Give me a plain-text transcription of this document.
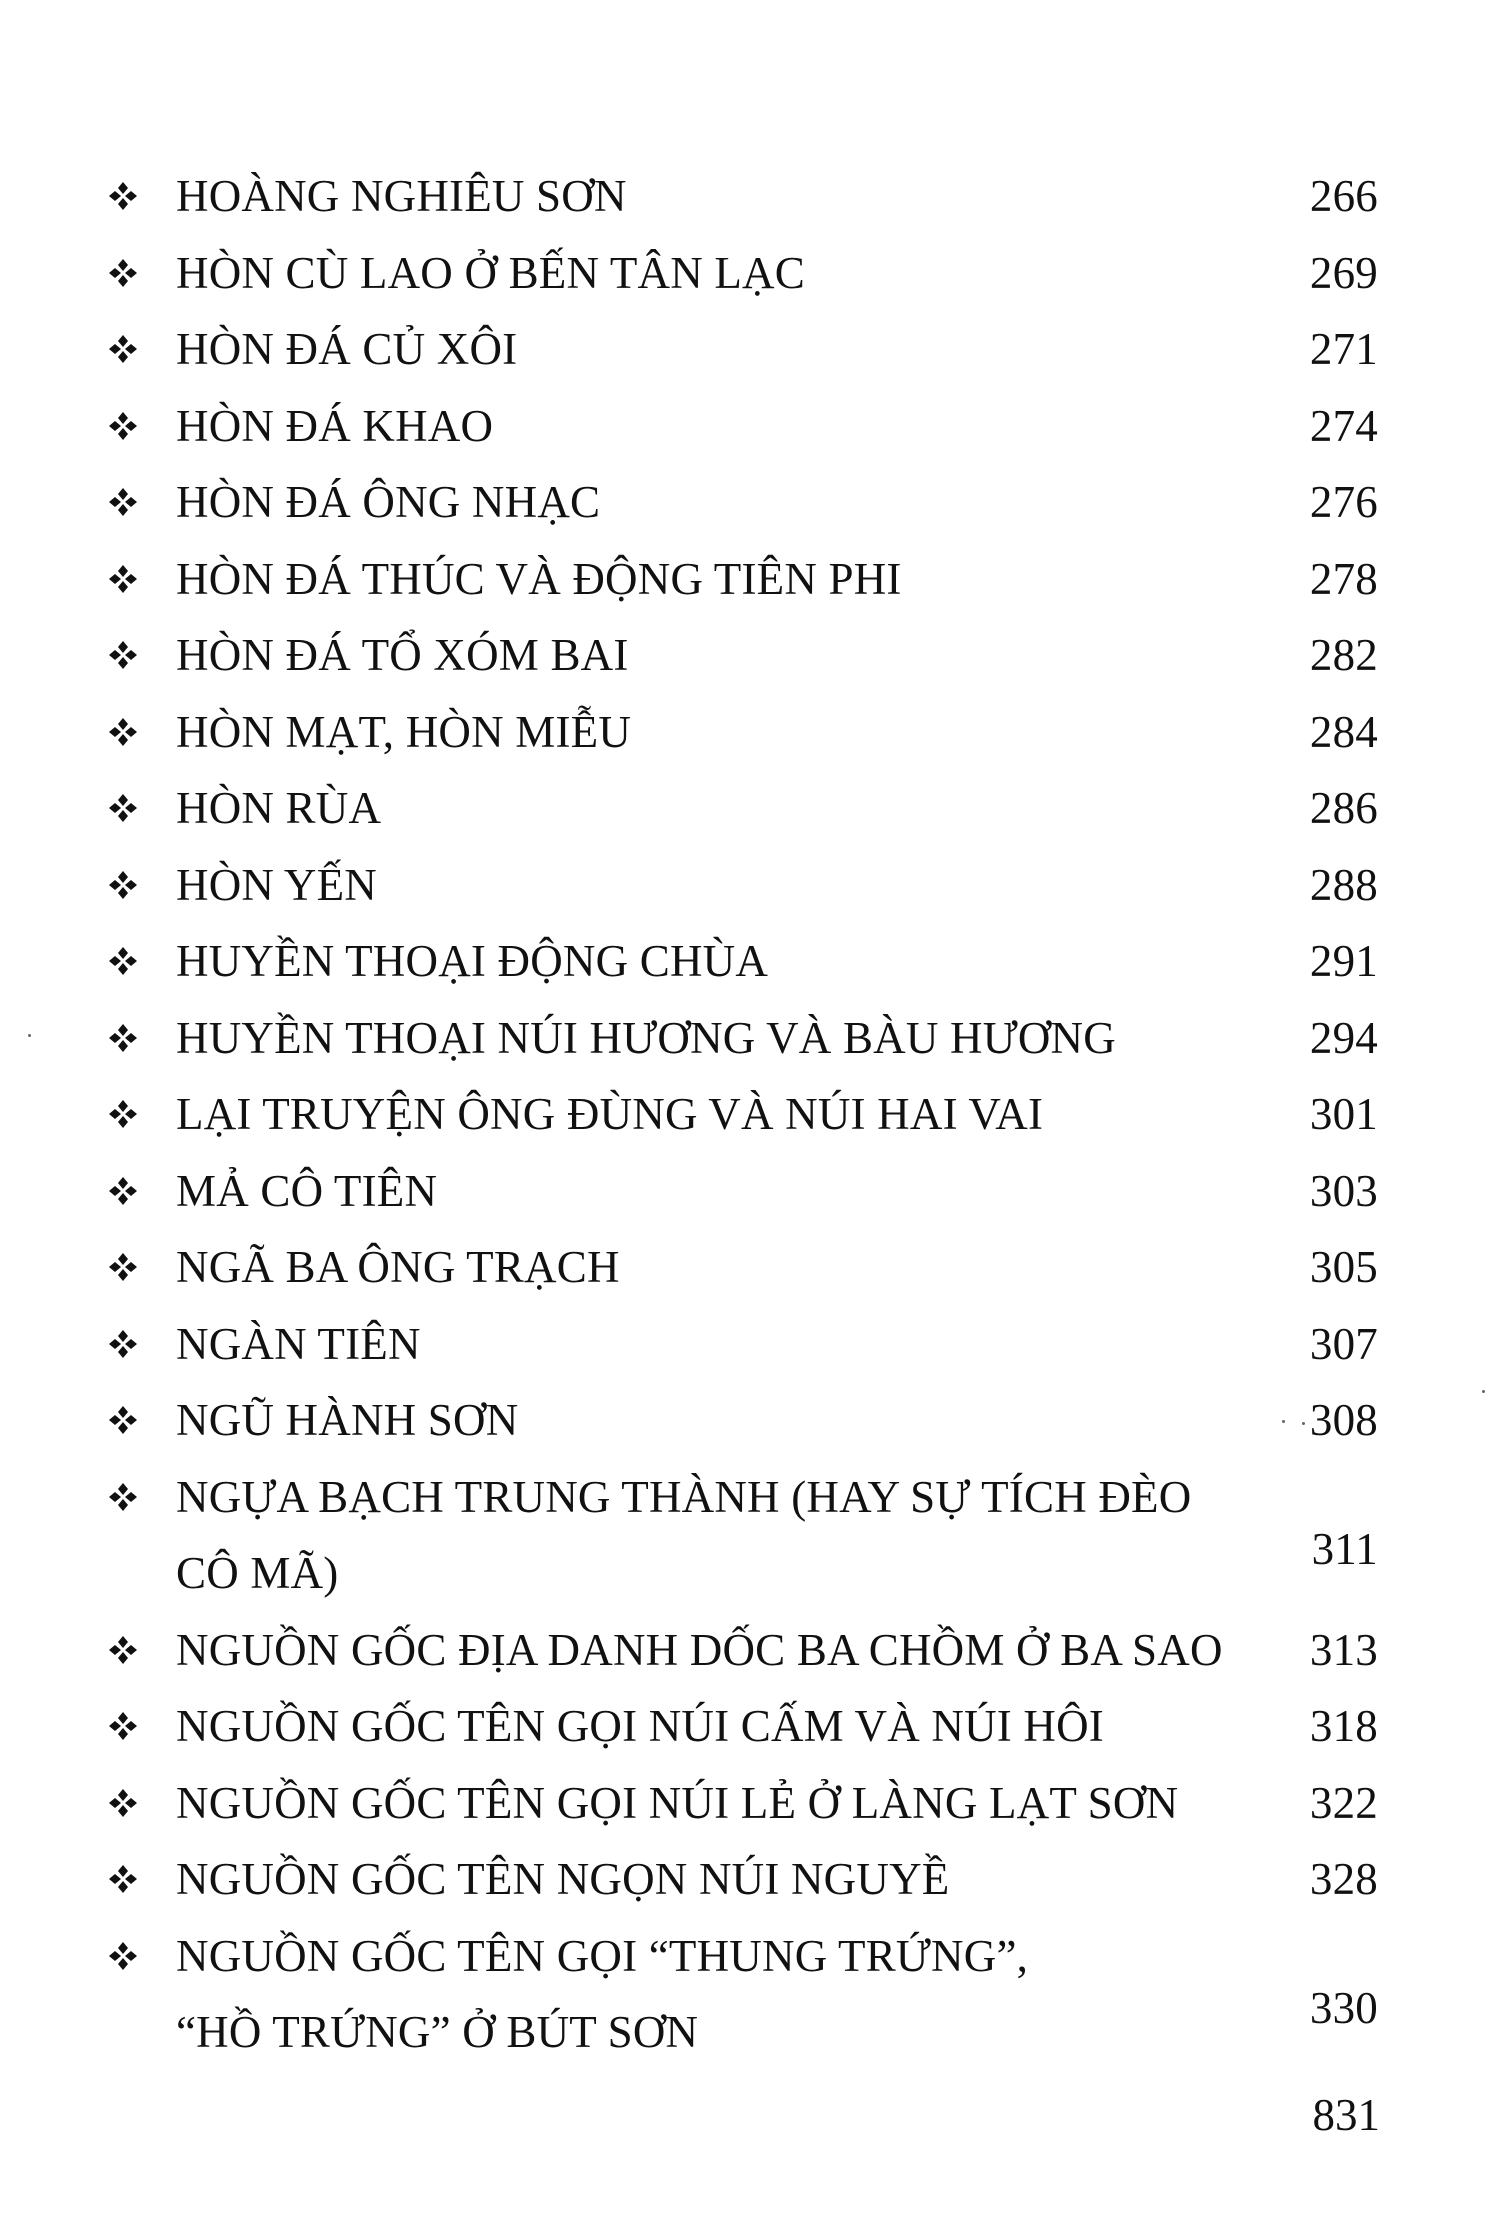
HOÀNG NGHIÊU SƠN	266
HÒN CÙ LAO Ở BẾN TÂN LẠC	269
HÒN ĐÁ CỦ XÔI	271
HÒN ĐÁ KHAO	274
HÒN ĐÁ ÔNG NHẠC	276
HÒN ĐÁ THÚC VÀ ĐỘNG TIÊN PHI	278
HÒN ĐÁ TỔ XÓM BAI	282
HÒN MẠT, HÒN MIỄU	284
HÒN RÙA	286
HÒN YẾN	288
HUYỀN THOẠI ĐỘNG CHÙA	291
HUYỀN THOẠI NÚI HƯƠNG VÀ BÀU HƯƠNG	294
LẠI TRUYỆN ÔNG ĐÙNG VÀ NÚI HAI VAI	301
MẢ CÔ TIÊN	303
NGÃ BA ÔNG TRẠCH	305
NGÀN TIÊN	307
NGŨ HÀNH SƠN	308
NGỰA BẠCH TRUNG THÀNH (HAY SỰ TÍCH ĐÈO
CÔ MÃ)	311
NGUỒN GỐC ĐỊA DANH DỐC BA CHỒM Ở BA SAO	313
NGUỒN GỐC TÊN GỌI NÚI CẤM VÀ NÚI HÔI	318
NGUỒN GỐC TÊN GỌI NÚI LẺ Ở LÀNG LẠT SƠN	322
NGUỒN GỐC TÊN NGỌN NÚI NGUYỀ	328
NGUỒN GỐC TÊN GỌI “THUNG TRỨNG”,
“HỒ TRỨNG” Ở BÚT SƠN	330
831
